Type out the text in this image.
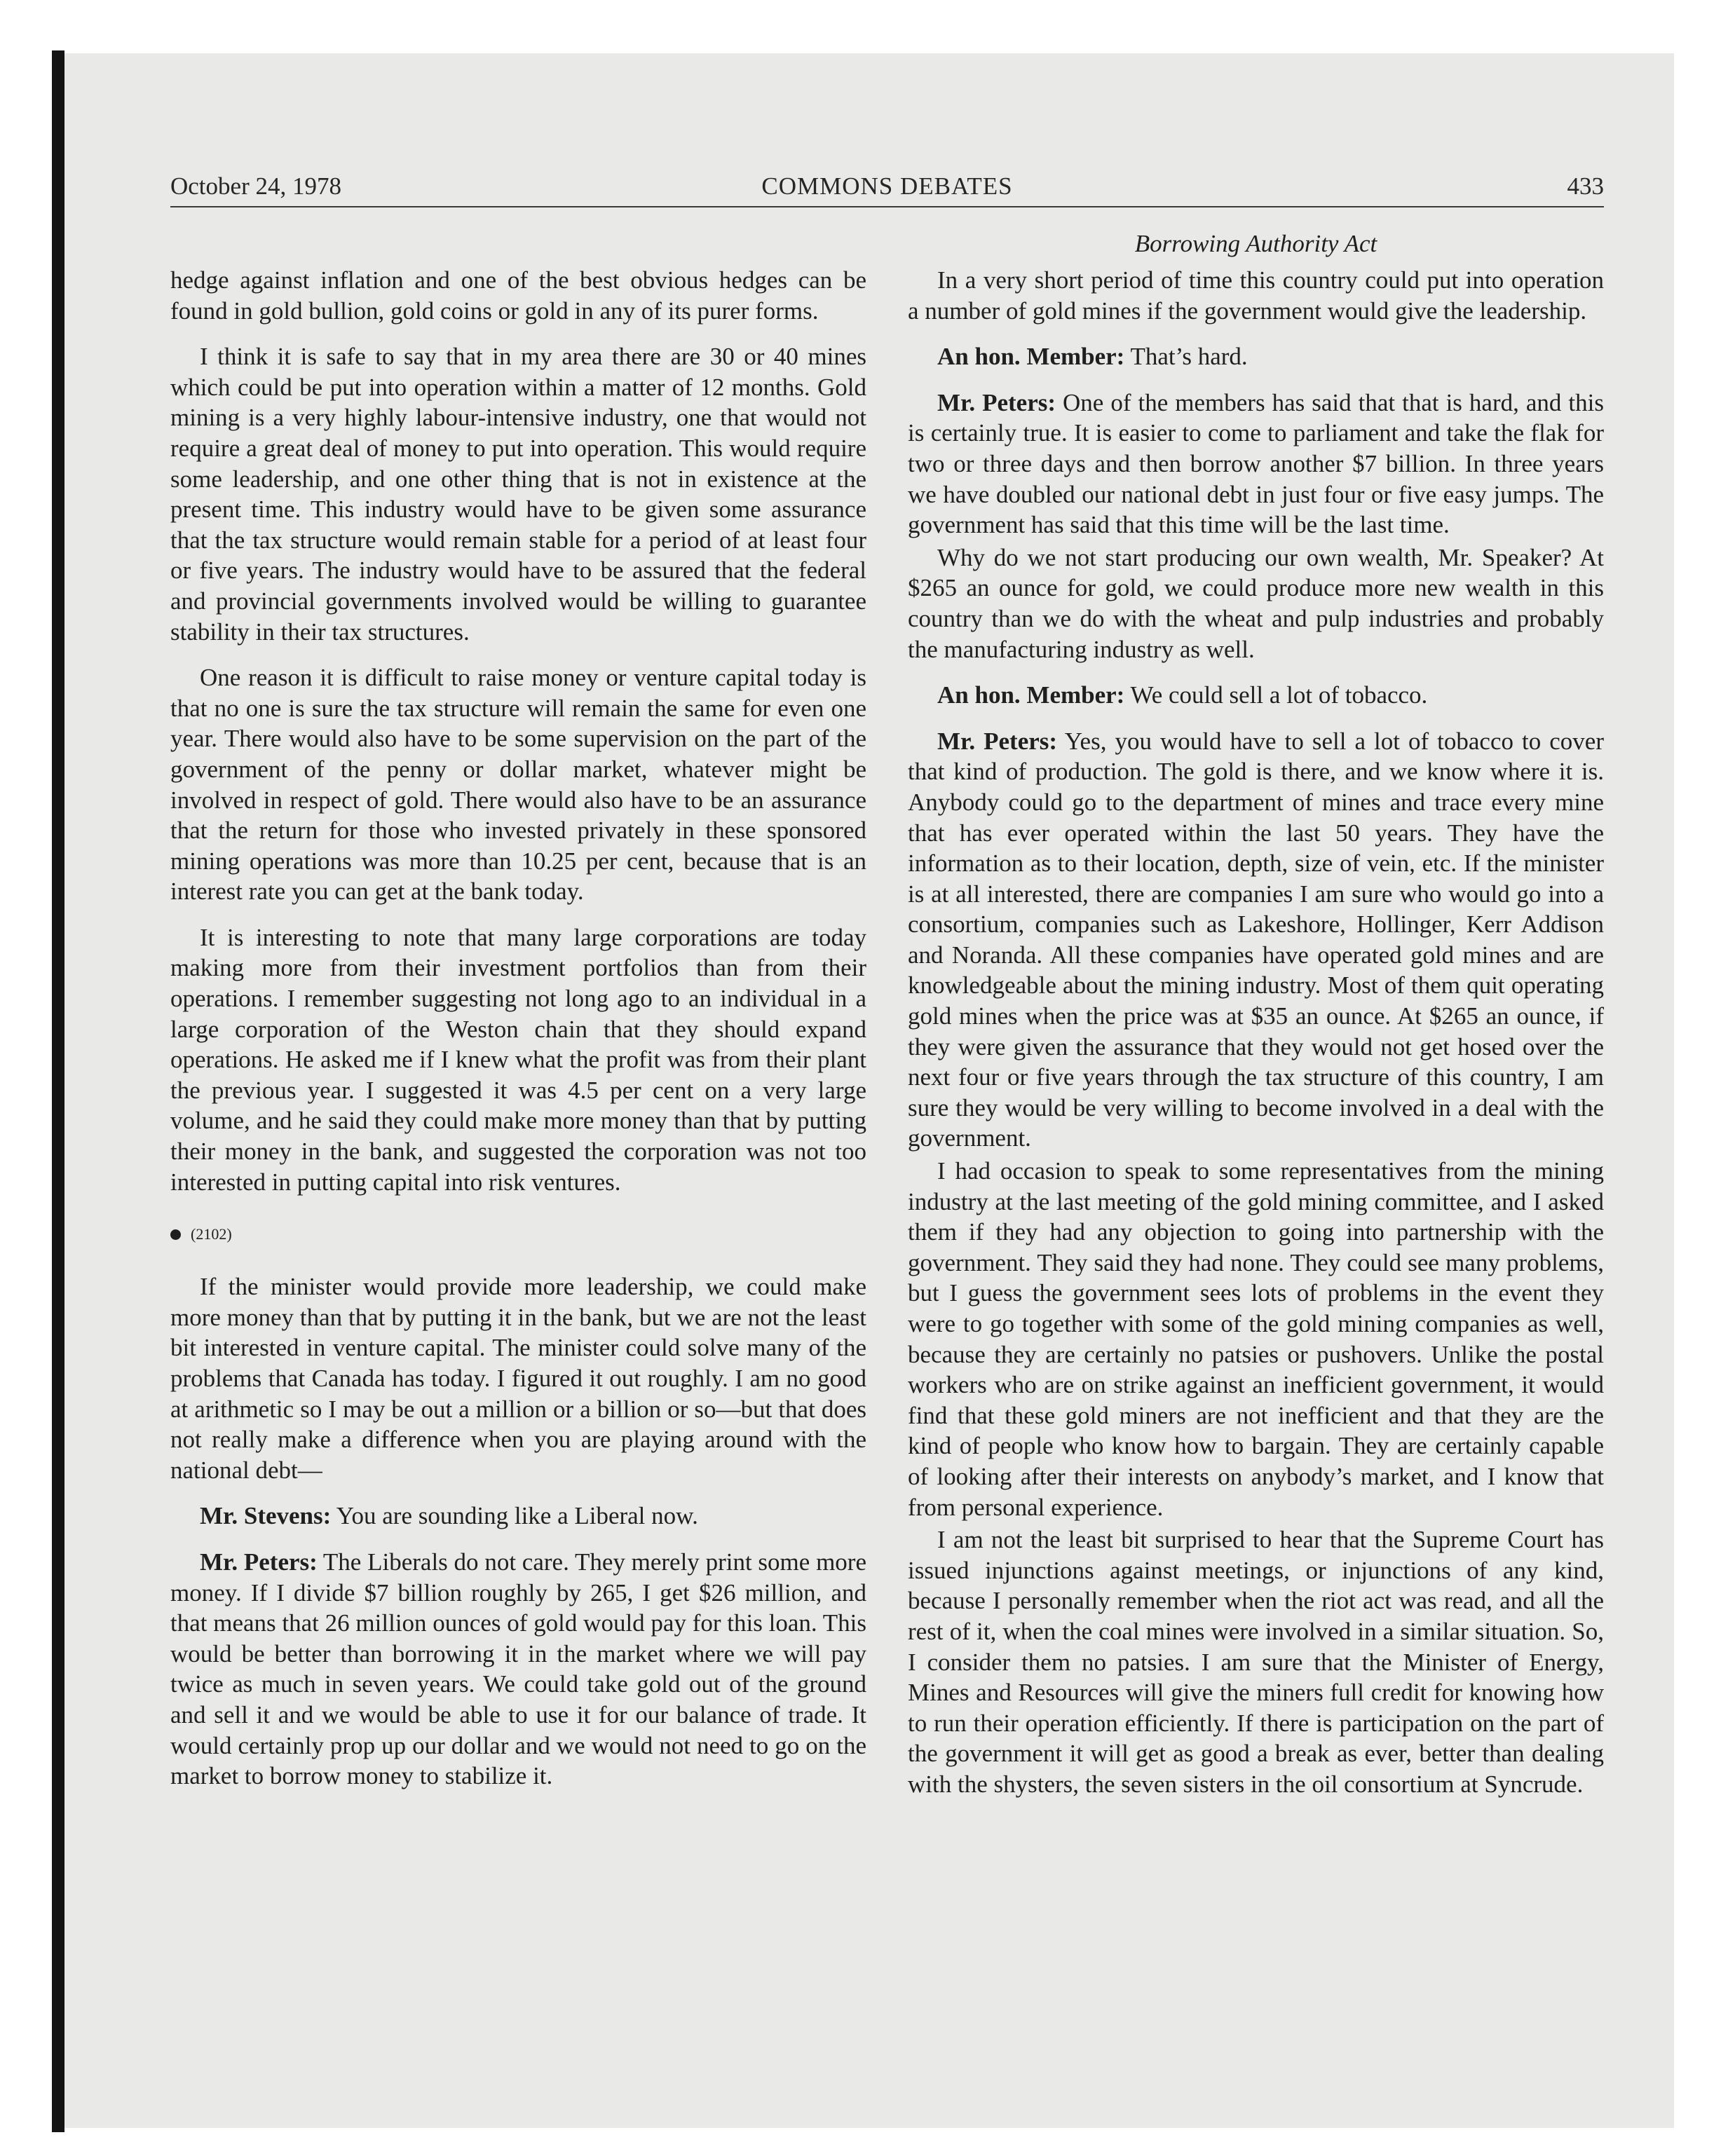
October 24, 1978	COMMONS DEBATES	433
Borrowing Authority Act

hedge against inflation and one of the best obvious hedges can be found in gold bullion, gold coins or gold in any of its purer forms.

I think it is safe to say that in my area there are 30 or 40 mines which could be put into operation within a matter of 12 months. Gold mining is a very highly labour-intensive industry, one that would not require a great deal of money to put into operation. This would require some leadership, and one other thing that is not in existence at the present time. This industry would have to be given some assurance that the tax structure would remain stable for a period of at least four or five years. The industry would have to be assured that the federal and provincial governments involved would be willing to guarantee stability in their tax structures.

One reason it is difficult to raise money or venture capital today is that no one is sure the tax structure will remain the same for even one year. There would also have to be some supervision on the part of the government of the penny or dollar market, whatever might be involved in respect of gold. There would also have to be an assurance that the return for those who invested privately in these sponsored mining operations was more than 10.25 per cent, because that is an interest rate you can get at the bank today.

It is interesting to note that many large corporations are today making more from their investment portfolios than from their operations. I remember suggesting not long ago to an individual in a large corporation of the Weston chain that they should expand operations. He asked me if I knew what the profit was from their plant the previous year. I suggested it was 4.5 per cent on a very large volume, and he said they could make more money than that by putting their money in the bank, and suggested the corporation was not too interested in putting capital into risk ventures.

(2102)

If the minister would provide more leadership, we could make more money than that by putting it in the bank, but we are not the least bit interested in venture capital. The minister could solve many of the problems that Canada has today. I figured it out roughly. I am no good at arithmetic so I may be out a million or a billion or so—but that does not really make a difference when you are playing around with the national debt—

Mr. Stevens: You are sounding like a Liberal now.

Mr. Peters: The Liberals do not care. They merely print some more money. If I divide $7 billion roughly by 265, I get $26 million, and that means that 26 million ounces of gold would pay for this loan. This would be better than borrowing it in the market where we will pay twice as much in seven years. We could take gold out of the ground and sell it and we would be able to use it for our balance of trade. It would certainly prop up our dollar and we would not need to go on the market to borrow money to stabilize it.

In a very short period of time this country could put into operation a number of gold mines if the government would give the leadership.

An hon. Member: That’s hard.

Mr. Peters: One of the members has said that that is hard, and this is certainly true. It is easier to come to parliament and take the flak for two or three days and then borrow another $7 billion. In three years we have doubled our national debt in just four or five easy jumps. The government has said that this time will be the last time.

Why do we not start producing our own wealth, Mr. Speaker? At $265 an ounce for gold, we could produce more new wealth in this country than we do with the wheat and pulp industries and probably the manufacturing industry as well.

An hon. Member: We could sell a lot of tobacco.

Mr. Peters: Yes, you would have to sell a lot of tobacco to cover that kind of production. The gold is there, and we know where it is. Anybody could go to the department of mines and trace every mine that has ever operated within the last 50 years. They have the information as to their location, depth, size of vein, etc. If the minister is at all interested, there are companies I am sure who would go into a consortium, companies such as Lakeshore, Hollinger, Kerr Addison and Noranda. All these companies have operated gold mines and are knowledgeable about the mining industry. Most of them quit operating gold mines when the price was at $35 an ounce. At $265 an ounce, if they were given the assurance that they would not get hosed over the next four or five years through the tax structure of this country, I am sure they would be very willing to become involved in a deal with the government.

I had occasion to speak to some representatives from the mining industry at the last meeting of the gold mining committee, and I asked them if they had any objection to going into partnership with the government. They said they had none. They could see many problems, but I guess the government sees lots of problems in the event they were to go together with some of the gold mining companies as well, because they are certainly no patsies or pushovers. Unlike the postal workers who are on strike against an inefficient government, it would find that these gold miners are not inefficient and that they are the kind of people who know how to bargain. They are certainly capable of looking after their interests on anybody’s market, and I know that from personal experience.

I am not the least bit surprised to hear that the Supreme Court has issued injunctions against meetings, or injunctions of any kind, because I personally remember when the riot act was read, and all the rest of it, when the coal mines were involved in a similar situation. So, I consider them no patsies. I am sure that the Minister of Energy, Mines and Resources will give the miners full credit for knowing how to run their operation efficiently. If there is participation on the part of the government it will get as good a break as ever, better than dealing with the shysters, the seven sisters in the oil consortium at Syncrude.
